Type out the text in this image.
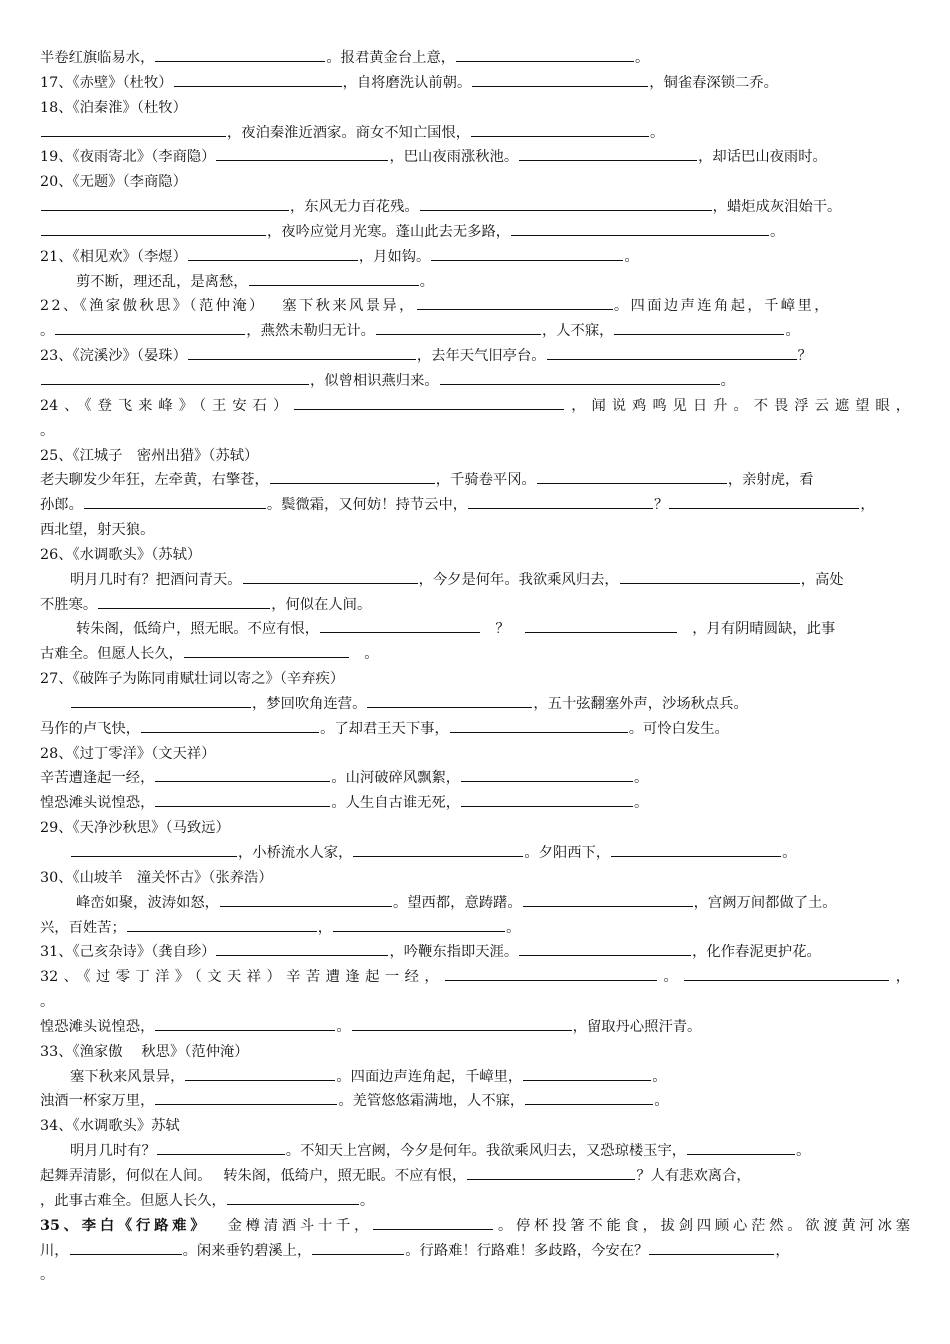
半卷红旗临易水，	。报君黄金台上意，	。
17、《赤壁》（杜牧）	，自将磨洗认前朝。	，铜雀春深锁二乔。
18、《泊秦淮》（杜牧）
，夜泊秦淮近酒家。商女不知亡国恨，	。
19、《夜雨寄北》（李商隐）	，巴山夜雨涨秋池。	，却话巴山夜雨时。
20、《无题》（李商隐）
，东风无力百花残。	，蜡炬成灰泪始干。
，夜吟应觉月光寒。蓬山此去无多路，	。
21、《相见欢》（李煜）	，月如钩。	。
剪不断，理还乱，是离愁，	。
22、《渔家傲秋思》（范仲淹）　 塞下秋来风景异，	。四面边声连角起，千嶂里，
。	，燕然未勒归无计。	，人不寐，	。
23、《浣溪沙》（晏珠）	，去年天气旧亭台。	？
，似曾相识燕归来。	。
24、《登飞来峰》（王安石）	，闻说鸡鸣见日升。不畏浮云遮望眼，
。
25、《江城子　密州出猎》（苏轼）
老夫聊发少年狂，左牵黄，右擎苍，	，千骑卷平冈。	，亲射虎，看
孙郎。	。鬓微霜，又何妨！持节云中，	？	，
西北望，射天狼。
26、《水调歌头》（苏轼）
明月几时有？把酒问青天。	，今夕是何年。我欲乘风归去，	，高处
不胜寒。	，何似在人间。
转朱阁，低绮户，照无眠。不应有恨，	　？　	　，月有阴晴圆缺，此事
古难全。但愿人长久，	　。
27、《破阵子为陈同甫赋壮词以寄之》（辛弃疾）
，梦回吹角连营。	，五十弦翻塞外声，沙场秋点兵。
马作的卢飞快，	。了却君王天下事，	。可怜白发生。
28、《过丁零洋》（文天祥）
辛苦遭逢起一经，	。山河破碎风飘絮，	。
惶恐滩头说惶恐，	。人生自古谁无死，	。
29、《天净沙秋思》（马致远）
，小桥流水人家，	。夕阳西下，	。
30、《山坡羊　潼关怀古》（张养浩）
峰峦如聚，波涛如怒，	。望西都，意踌躇。	，宫阙万间都做了土。
兴，百姓苦；	，	。
31、《己亥杂诗》（龚自珍）	，吟鞭东指即天涯。	，化作春泥更护花。
32、《过零丁洋》（文天祥）辛苦遭逢起一经，	。	，
。
惶恐滩头说惶恐，	。	，留取丹心照汗青。
33、《渔家傲　 秋思》（范仲淹）
塞下秋来风景异，	。四面边声连角起，千嶂里，	。
浊酒一杯家万里，	。羌管悠悠霜满地，人不寐，	。
34、《水调歌头》苏轼
明月几时有？	。不知天上宫阙，今夕是何年。我欲乘风归去，又恐琼楼玉宇，	。
起舞弄清影，何似在人间。　 转朱阁，低绮户，照无眠。不应有恨，	？人有悲欢离合，
，此事古难全。但愿人长久，	。
35、李白《行路难》　 金樽清酒斗十千，	。停杯投箸不能食，拔剑四顾心茫然。欲渡黄河冰塞
川，	。闲来垂钓碧溪上，	。行路难！行路难！多歧路，今安在？	，
。
